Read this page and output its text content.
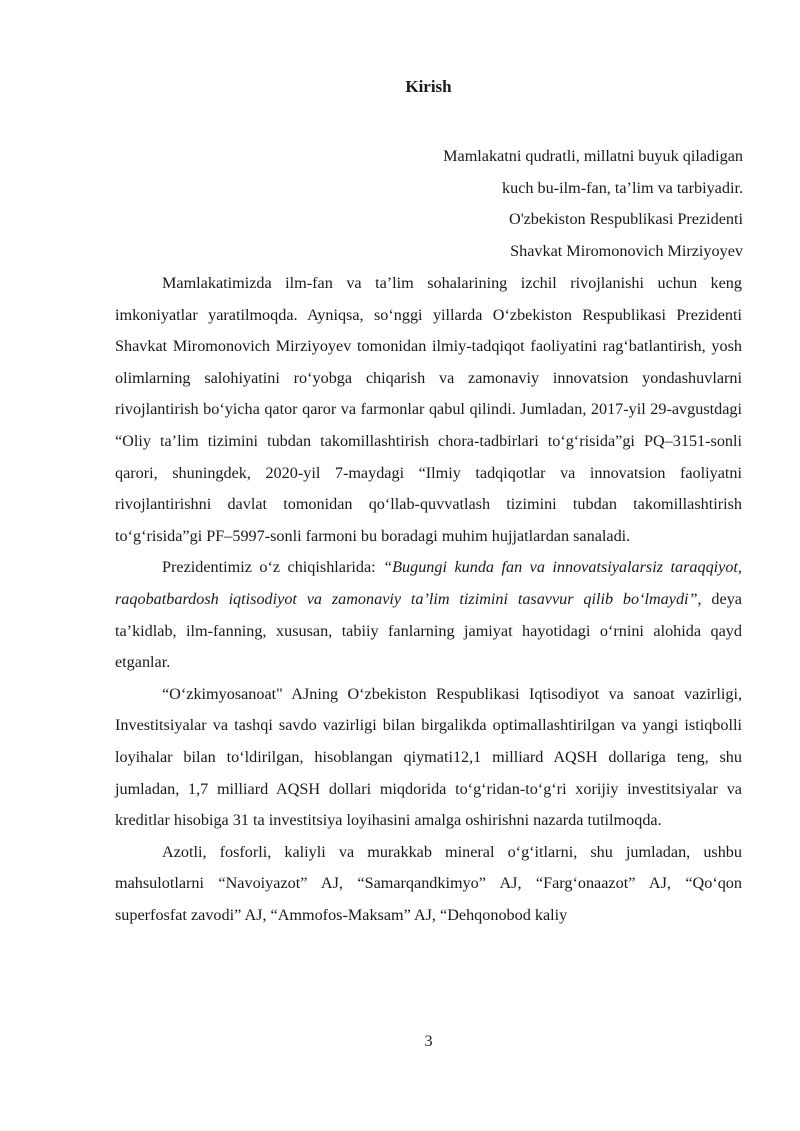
Kirish
Mamlakatni qudratli, millatni buyuk qiladigan
kuch bu-ilm-fan, ta’lim va tarbiyadir.
O'zbekiston Respublikasi Prezidenti
Shavkat Miromonovich Mirziyoyev

Mamlakatimizda ilm-fan va ta’lim sohalarining izchil rivojlanishi uchun keng imkoniyatlar yaratilmoqda. Ayniqsa, so‘nggi yillarda O‘zbekiston Respublikasi Prezidenti Shavkat Miromonovich Mirziyoyev tomonidan ilmiy-tadqiqot faoliyatini rag‘batlantirish, yosh olimlarning salohiyatini ro‘yobga chiqarish va zamonaviy innovatsion yondashuvlarni rivojlantirish bo‘yicha qator qaror va farmonlar qabul qilindi. Jumladan, 2017-yil 29-avgustdagi “Oliy ta’lim tizimini tubdan takomillashtirish chora-tadbirlari to‘g‘risida”gi PQ–3151-sonli qarori, shuningdek, 2020-yil 7-maydagi “Ilmiy tadqiqotlar va innovatsion faoliyatni rivojlantirishni davlat tomonidan qo‘llab-quvvatlash tizimini tubdan takomillashtirish to‘g‘risida”gi PF–5997-sonli farmoni bu boradagi muhim hujjatlardan sanaladi.

Prezidentimiz o‘z chiqishlarida: “Bugungi kunda fan va innovatsiyalarsiz taraqqiyot, raqobatbardosh iqtisodiyot va zamonaviy ta’lim tizimini tasavvur qilib bo‘lmaydi”, deya ta’kidlab, ilm-fanning, xususan, tabiiy fanlarning jamiyat hayotidagi o‘rnini alohida qayd etganlar.

“O‘zkimyosanoat" AJning O‘zbekiston Respublikasi Iqtisodiyot va sanoat vazirligi, Investitsiyalar va tashqi savdo vazirligi bilan birgalikda optimallashtirilgan va yangi istiqbolli loyihalar bilan to‘ldirilgan, hisoblangan qiymati12,1 milliard AQSH dollariga teng, shu jumladan, 1,7 milliard AQSH dollari miqdorida to‘g‘ridan-to‘g‘ri xorijiy investitsiyalar va kreditlar hisobiga 31 ta investitsiya loyihasini amalga oshirishni nazarda tutilmoqda.

Azotli, fosforli, kaliyli va murakkab mineral o‘g‘itlarni, shu jumladan, ushbu mahsulotlarni “Navoiyazot” AJ, “Samarqandkimyo” AJ, “Farg‘onaazot” AJ, “Qo‘qon superfosfat zavodi” AJ, “Ammofos-Maksam” AJ, “Dehqonobod kaliy

3
